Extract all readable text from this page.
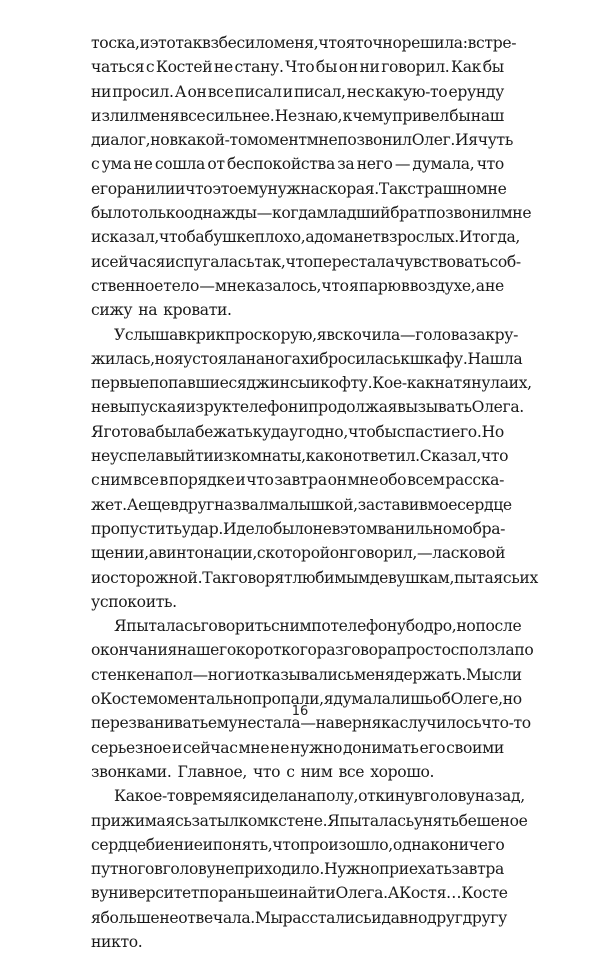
тоска, и это так взбесило меня, что я точно решила: встре-
чаться с Костей не стану. Что бы он ни говорил. Как бы
ни просил. А он все писал и писал, нес какую-то ерунду
и злил меня все сильнее. Не знаю, к чему привел бы наш
диалог, но в какой-то момент мне позвонил Олег. И я чуть
с ума не сошла от беспокойства за него — думала, что
его ранили и что это ему нужна скорая. Так страшно мне
было только однажды — когда младший брат позвонил мне
и сказал, что бабушке плохо, а дома нет взрослых. И тогда,
и сейчас я испугалась так, что перестала чувствовать соб-
ственное тело — мне казалось, что я парю в воздухе, а не
сижу на кровати.
Услышав крик про скорую, я вскочила — голова закру-
жилась, но я устояла на ногах и бросилась к шкафу. Нашла
первые попавшиеся джинсы и кофту. Кое-как натянула их,
не выпуская из рук телефон и продолжая вызывать Олега.
Я готова была бежать куда угодно, чтобы спасти его. Но
не успела выйти из комнаты, как он ответил. Сказал, что
с ним все в порядке и что завтра он мне обо всем расска-
жет. А еще вдруг назвал малышкой, заставив мое сердце
пропустить удар. И дело было не в этом ванильном обра-
щении, а в интонации, с которой он говорил, — ласковой
и осторожной. Так говорят любимым девушкам, пытаясь их
успокоить.
Я пыталась говорить с ним по телефону бодро, но после
окончания нашего короткого разговора просто сползла по
стенке на пол — ноги отказывались меня держать. Мысли
о Косте моментально пропали, я думала лишь об Олеге, но
перезванивать ему не стала — наверняка случилось что-то
серьезное и сейчас мне не нужно донимать его своими
звонками. Главное, что с ним все хорошо.
Какое-то время я сидела на полу, откинув голову назад,
прижимаясь затылком к стене. Я пыталась унять бешеное
сердцебиение и понять, что произошло, однако ничего
путного в голову не приходило. Нужно приехать завтра
в университет пораньше и найти Олега. А Костя… Косте
я больше не отвечала. Мы расстались и давно друг другу
никто.
16
